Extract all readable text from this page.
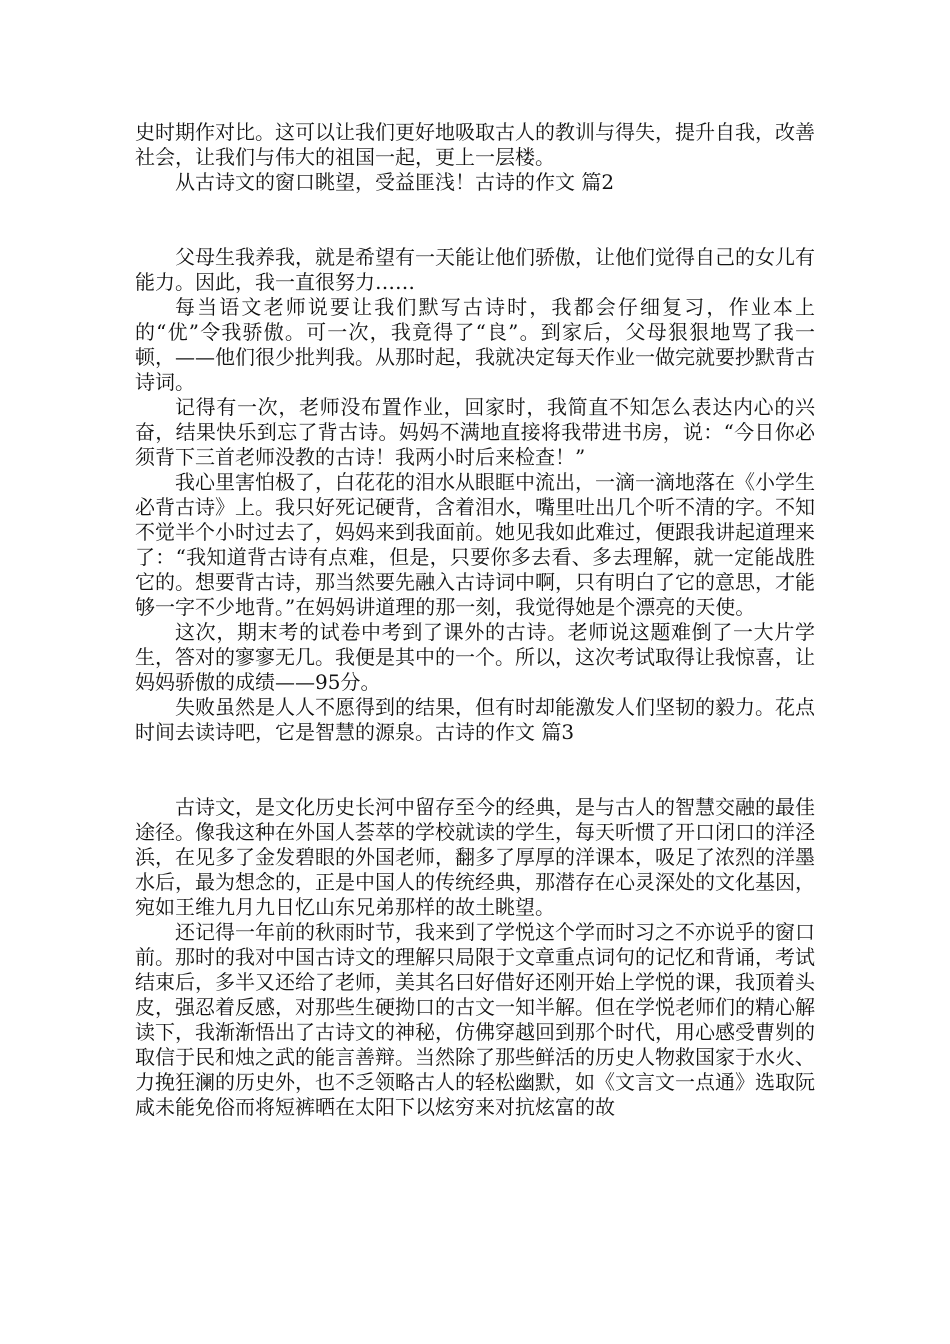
史时期作对比。这可以让我们更好地吸取古人的教训与得失，提升自我，改善社会，让我们与伟大的祖国一起，更上一层楼。

从古诗文的窗口眺望，受益匪浅！古诗的作文 篇2

父母生我养我，就是希望有一天能让他们骄傲，让他们觉得自己的女儿有能力。因此，我一直很努力……

每当语文老师说要让我们默写古诗时，我都会仔细复习，作业本上的“优”令我骄傲。可一次，我竟得了“良”。到家后，父母狠狠地骂了我一顿，——他们很少批判我。从那时起，我就决定每天作业一做完就要抄默背古诗词。

记得有一次，老师没布置作业，回家时，我简直不知怎么表达内心的兴奋，结果快乐到忘了背古诗。妈妈不满地直接将我带进书房，说：“今日你必须背下三首老师没教的古诗！我两小时后来检查！”

我心里害怕极了，白花花的泪水从眼眶中流出，一滴一滴地落在《小学生必背古诗》上。我只好死记硬背，含着泪水，嘴里吐出几个听不清的字。不知不觉半个小时过去了，妈妈来到我面前。她见我如此难过，便跟我讲起道理来了：“我知道背古诗有点难，但是，只要你多去看、多去理解，就一定能战胜它的。想要背古诗，那当然要先融入古诗词中啊，只有明白了它的意思，才能够一字不少地背。”在妈妈讲道理的那一刻，我觉得她是个漂亮的天使。

这次，期末考的试卷中考到了课外的古诗。老师说这题难倒了一大片学生，答对的寥寥无几。我便是其中的一个。所以，这次考试取得让我惊喜，让妈妈骄傲的成绩——95分。

失败虽然是人人不愿得到的结果，但有时却能激发人们坚韧的毅力。花点时间去读诗吧，它是智慧的源泉。古诗的作文 篇3

古诗文，是文化历史长河中留存至今的经典，是与古人的智慧交融的最佳途径。像我这种在外国人荟萃的学校就读的学生，每天听惯了开口闭口的洋泾浜，在见多了金发碧眼的外国老师，翻多了厚厚的洋课本，吸足了浓烈的洋墨水后，最为想念的，正是中国人的传统经典，那潜存在心灵深处的文化基因，宛如王维九月九日忆山东兄弟那样的故土眺望。

还记得一年前的秋雨时节，我来到了学悦这个学而时习之不亦说乎的窗口前。那时的我对中国古诗文的理解只局限于文章重点词句的记忆和背诵，考试结束后，多半又还给了老师，美其名曰好借好还刚开始上学悦的课，我顶着头皮，强忍着反感，对那些生硬拗口的古文一知半解。但在学悦老师们的精心解读下，我渐渐悟出了古诗文的神秘，仿佛穿越回到那个时代，用心感受曹刿的取信于民和烛之武的能言善辩。当然除了那些鲜活的历史人物救国家于水火、力挽狂澜的历史外，也不乏领略古人的轻松幽默，如《文言文一点通》选取阮咸未能免俗而将短裤晒在太阳下以炫穷来对抗炫富的故
